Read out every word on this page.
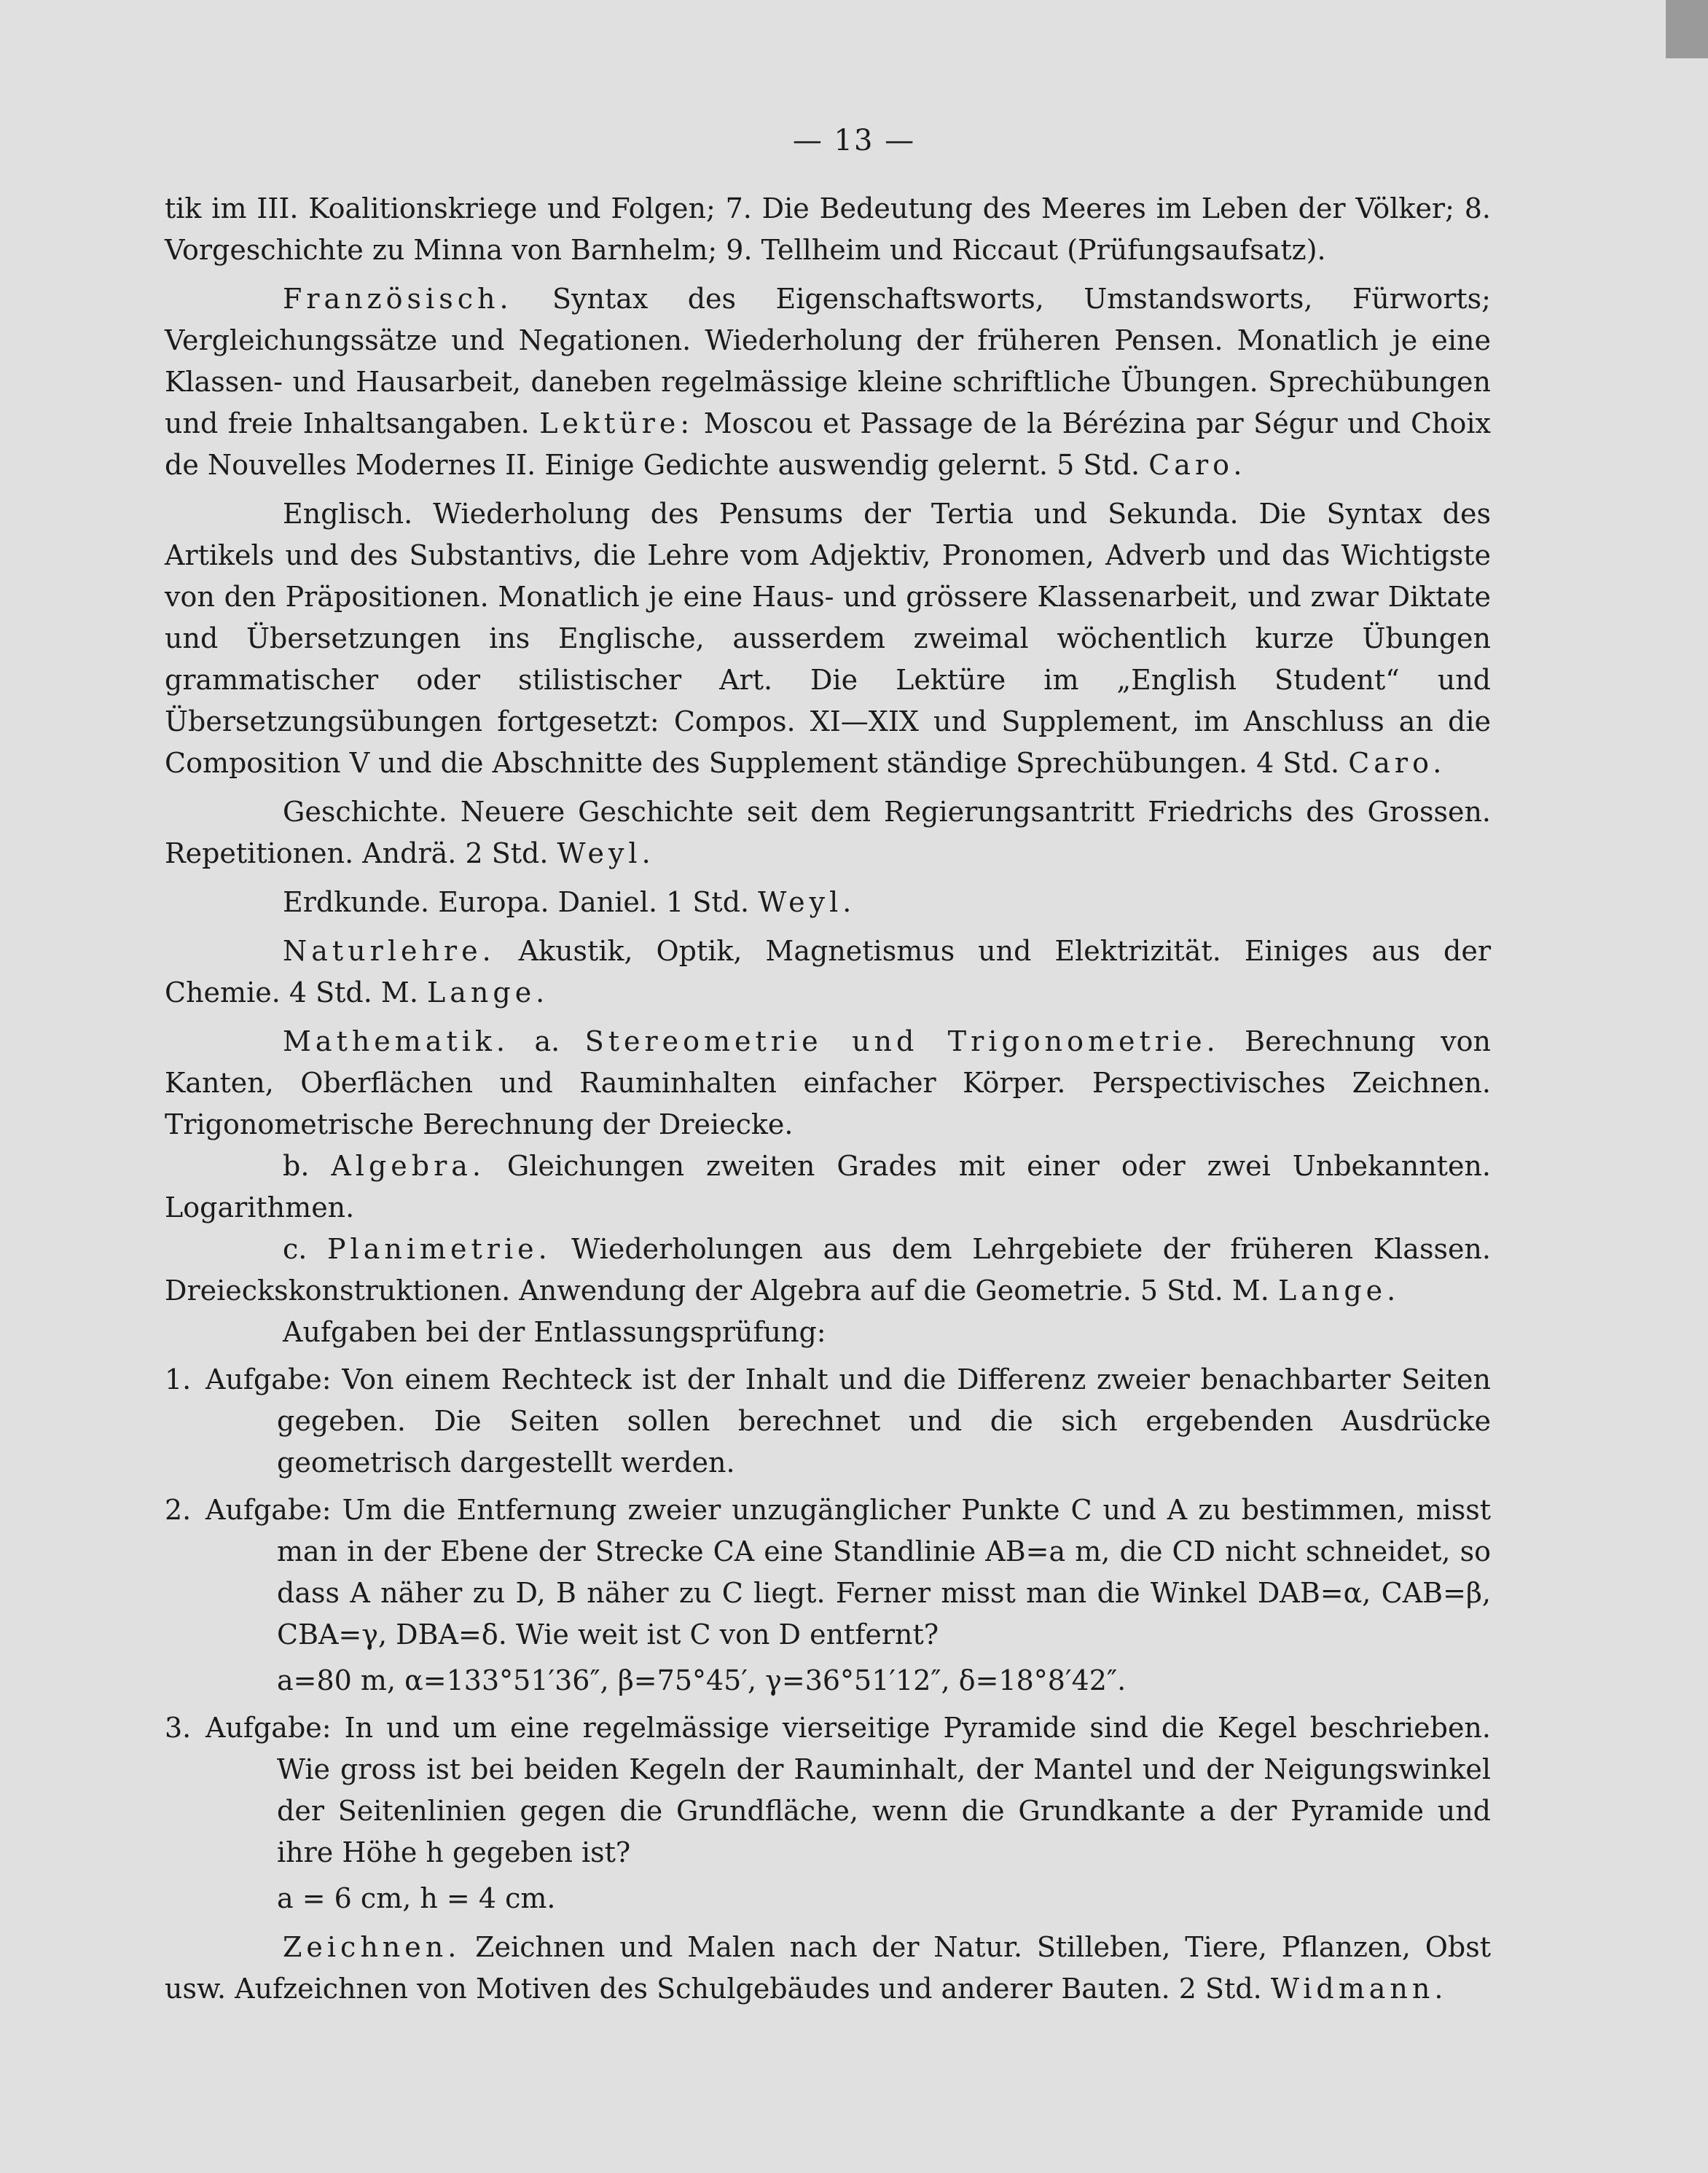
— 13 —

tik im III. Koalitionskriege und Folgen; 7. Die Bedeutung des Meeres im Leben der Völker; 8. Vorgeschichte zu Minna von Barnhelm; 9. Tellheim und Riccaut (Prüfungsaufsatz).

Französisch. Syntax des Eigenschaftsworts, Umstandsworts, Fürworts; Vergleichungssätze und Negationen. Wiederholung der früheren Pensen. Monatlich je eine Klassen- und Hausarbeit, daneben regelmässige kleine schriftliche Übungen. Sprechübungen und freie Inhaltsangaben. Lektüre: Moscou et Passage de la Bérézina par Ségur und Choix de Nouvelles Modernes II. Einige Gedichte auswendig gelernt. 5 Std. Caro.

Englisch. Wiederholung des Pensums der Tertia und Sekunda. Die Syntax des Artikels und des Substantivs, die Lehre vom Adjektiv, Pronomen, Adverb und das Wichtigste von den Präpositionen. Monatlich je eine Haus- und grössere Klassenarbeit, und zwar Diktate und Übersetzungen ins Englische, ausserdem zweimal wöchentlich kurze Übungen grammatischer oder stilistischer Art. Die Lektüre im „English Student“ und Übersetzungsübungen fortgesetzt: Compos. XI—XIX und Supplement, im Anschluss an die Composition V und die Abschnitte des Supplement ständige Sprechübungen. 4 Std. Caro.

Geschichte. Neuere Geschichte seit dem Regierungsantritt Friedrichs des Grossen. Repetitionen. Andrä. 2 Std. Weyl.

Erdkunde. Europa. Daniel. 1 Std. Weyl.

Naturlehre. Akustik, Optik, Magnetismus und Elektrizität. Einiges aus der Chemie. 4 Std. M. Lange.

Mathematik. a. Stereometrie und Trigonometrie. Berechnung von Kanten, Oberflächen und Rauminhalten einfacher Körper. Perspectivisches Zeichnen. Trigonometrische Berechnung der Dreiecke.

b. Algebra. Gleichungen zweiten Grades mit einer oder zwei Unbekannten. Logarithmen.

c. Planimetrie. Wiederholungen aus dem Lehrgebiete der früheren Klassen. Dreieckskonstruktionen. Anwendung der Algebra auf die Geometrie. 5 Std. M. Lange.

Aufgaben bei der Entlassungsprüfung:

1. Aufgabe: Von einem Rechteck ist der Inhalt und die Differenz zweier benachbarter Seiten gegeben. Die Seiten sollen berechnet und die sich ergebenden Ausdrücke geometrisch dargestellt werden.

2. Aufgabe: Um die Entfernung zweier unzugänglicher Punkte C und A zu bestimmen, misst man in der Ebene der Strecke CA eine Standlinie AB=a m, die CD nicht schneidet, so dass A näher zu D, B näher zu C liegt. Ferner misst man die Winkel DAB=α, CAB=β, CBA=γ, DBA=δ. Wie weit ist C von D entfernt?

a=80 m, α=133°51′36″, β=75°45′, γ=36°51′12″, δ=18°8′42″.

3. Aufgabe: In und um eine regelmässige vierseitige Pyramide sind die Kegel beschrieben. Wie gross ist bei beiden Kegeln der Rauminhalt, der Mantel und der Neigungswinkel der Seitenlinien gegen die Grundfläche, wenn die Grundkante a der Pyramide und ihre Höhe h gegeben ist?

a = 6 cm, h = 4 cm.

Zeichnen. Zeichnen und Malen nach der Natur. Stilleben, Tiere, Pflanzen, Obst usw. Aufzeichnen von Motiven des Schulgebäudes und anderer Bauten. 2 Std. Widmann.
